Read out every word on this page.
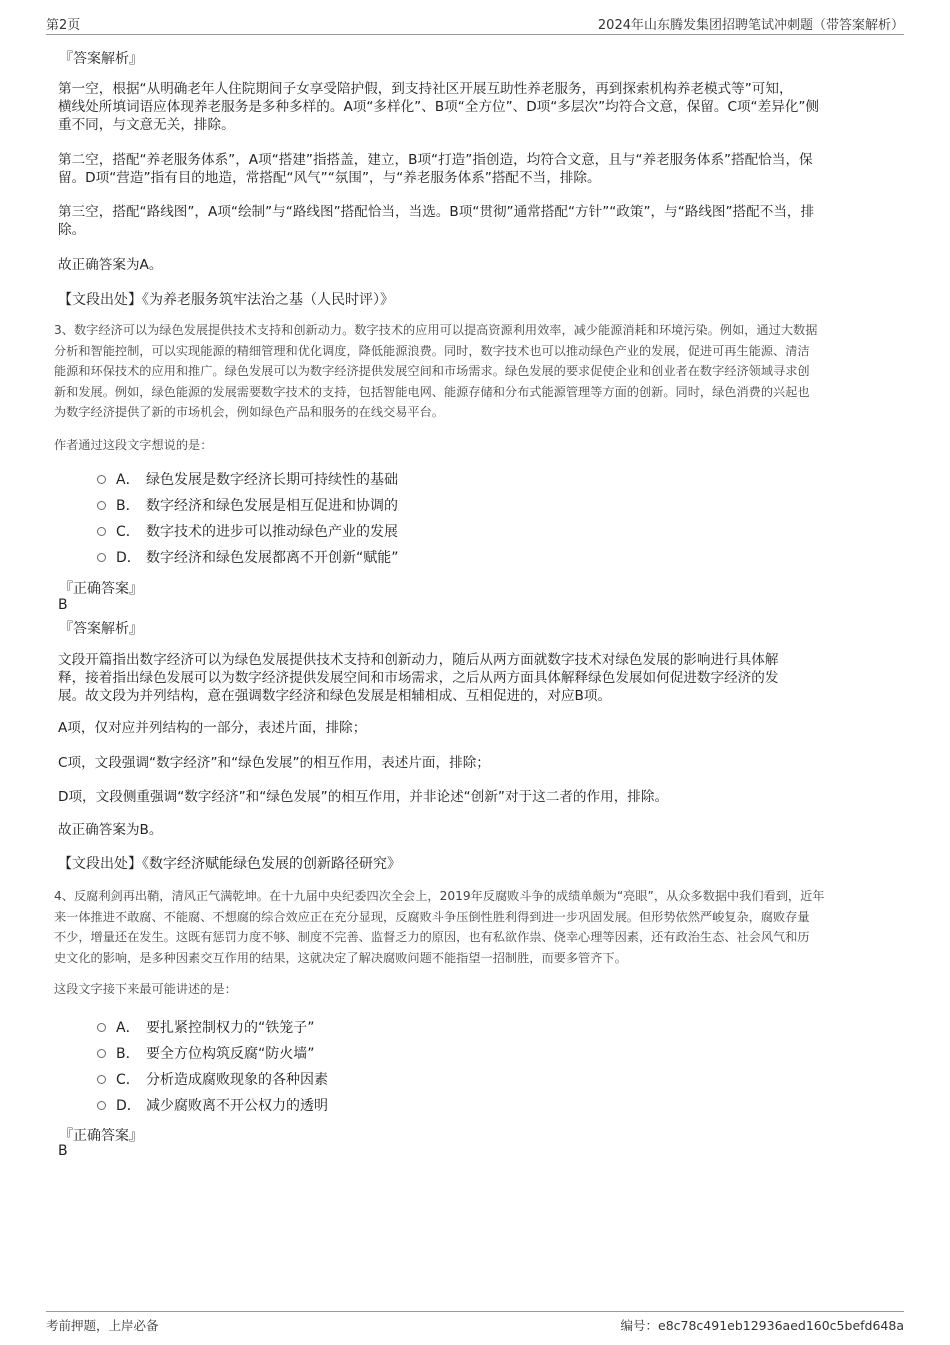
第2页	2024年山东腾发集团招聘笔试冲刺题（带答案解析）
『答案解析』
第一空，根据“从明确老年人住院期间子女享受陪护假，到支持社区开展互助性养老服务，再到探索机构养老模式等”可知，
横线处所填词语应体现养老服务是多种多样的。A项“多样化”、B项“全方位”、D项“多层次”均符合文意，保留。C项“差异化”侧
重不同，与文意无关，排除。
第二空，搭配“养老服务体系”，A项“搭建”指搭盖，建立，B项“打造”指创造，均符合文意，且与“养老服务体系”搭配恰当，保
留。D项“营造”指有目的地造，常搭配“风气”“氛围”，与“养老服务体系”搭配不当，排除。
第三空，搭配“路线图”，A项“绘制”与“路线图”搭配恰当，当选。B项“贯彻”通常搭配“方针”“政策”，与“路线图”搭配不当，排
除。
故正确答案为A。
【文段出处】《为养老服务筑牢法治之基（人民时评）》
3、数字经济可以为绿色发展提供技术支持和创新动力。数字技术的应用可以提高资源利用效率，减少能源消耗和环境污染。例如，通过大数据
分析和智能控制，可以实现能源的精细管理和优化调度，降低能源浪费。同时，数字技术也可以推动绿色产业的发展，促进可再生能源、清洁
能源和环保技术的应用和推广。绿色发展可以为数字经济提供发展空间和市场需求。绿色发展的要求促使企业和创业者在数字经济领域寻求创
新和发展。例如，绿色能源的发展需要数字技术的支持，包括智能电网、能源存储和分布式能源管理等方面的创新。同时，绿色消费的兴起也
为数字经济提供了新的市场机会，例如绿色产品和服务的在线交易平台。
作者通过这段文字想说的是：
A． 绿色发展是数字经济长期可持续性的基础
B． 数字经济和绿色发展是相互促进和协调的
C． 数字技术的进步可以推动绿色产业的发展
D． 数字经济和绿色发展都离不开创新“赋能”
『正确答案』
B
『答案解析』
文段开篇指出数字经济可以为绿色发展提供技术支持和创新动力，随后从两方面就数字技术对绿色发展的影响进行具体解
释，接着指出绿色发展可以为数字经济提供发展空间和市场需求，之后从两方面具体解释绿色发展如何促进数字经济的发
展。故文段为并列结构，意在强调数字经济和绿色发展是相辅相成、互相促进的，对应B项。
A项，仅对应并列结构的一部分，表述片面，排除；
C项，文段强调“数字经济”和“绿色发展”的相互作用，表述片面，排除；
D项，文段侧重强调“数字经济”和“绿色发展”的相互作用，并非论述“创新”对于这二者的作用，排除。
故正确答案为B。
【文段出处】《数字经济赋能绿色发展的创新路径研究》
4、反腐利剑再出鞘，清风正气满乾坤。在十九届中央纪委四次全会上，2019年反腐败斗争的成绩单颇为“亮眼”，从众多数据中我们看到，近年
来一体推进不敢腐、不能腐、不想腐的综合效应正在充分显现，反腐败斗争压倒性胜利得到进一步巩固发展。但形势依然严峻复杂，腐败存量
不少，增量还在发生。这既有惩罚力度不够、制度不完善、监督乏力的原因，也有私欲作祟、侥幸心理等因素，还有政治生态、社会风气和历
史文化的影响，是多种因素交互作用的结果，这就决定了解决腐败问题不能指望一招制胜，而要多管齐下。
这段文字接下来最可能讲述的是：
A． 要扎紧控制权力的“铁笼子”
B． 要全方位构筑反腐“防火墙”
C． 分析造成腐败现象的各种因素
D． 减少腐败离不开公权力的透明
『正确答案』
B
考前押题，上岸必备	编号：e8c78c491eb12936aed160c5befd648a
